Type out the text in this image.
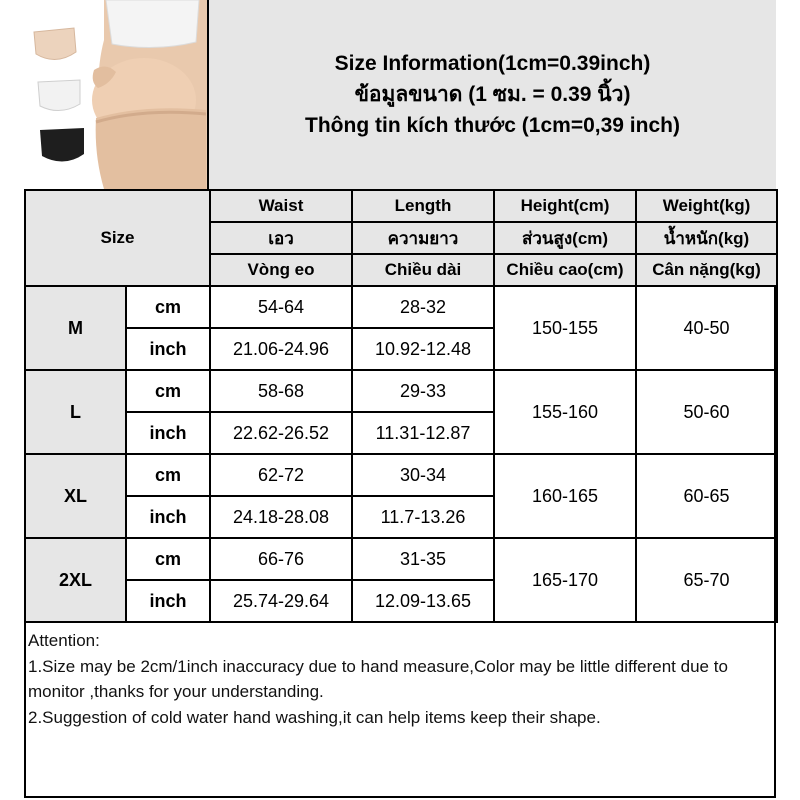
Size Information(1cm=0.39inch)
ข้อมูลขนาด (1 ซม. = 0.39 นิ้ว)
Thông tin kích thước (1cm=0,39 inch)
Size		Waist	Length	Height(cm)	Weight(kg)
		เอว	ความยาว	ส่วนสูง(cm)	น้ำหนัก(kg)
		Vòng eo	Chiều dài	Chiều cao(cm)	Cân nặng(kg)
M	cm	54-64	28-32	150-155	40-50
	inch	21.06-24.96	10.92-12.48		
L	cm	58-68	29-33	155-160	50-60
	inch	22.62-26.52	11.31-12.87		
XL	cm	62-72	30-34	160-165	60-65
	inch	24.18-28.08	11.7-13.26		
2XL	cm	66-76	31-35	165-170	65-70
	inch	25.74-29.64	12.09-13.65		
Attention:
1.Size may be 2cm/1inch inaccuracy due to hand measure,Color may be little different due to monitor ,thanks for your understanding.
2.Suggestion of cold water hand washing,it can help items keep their shape.
